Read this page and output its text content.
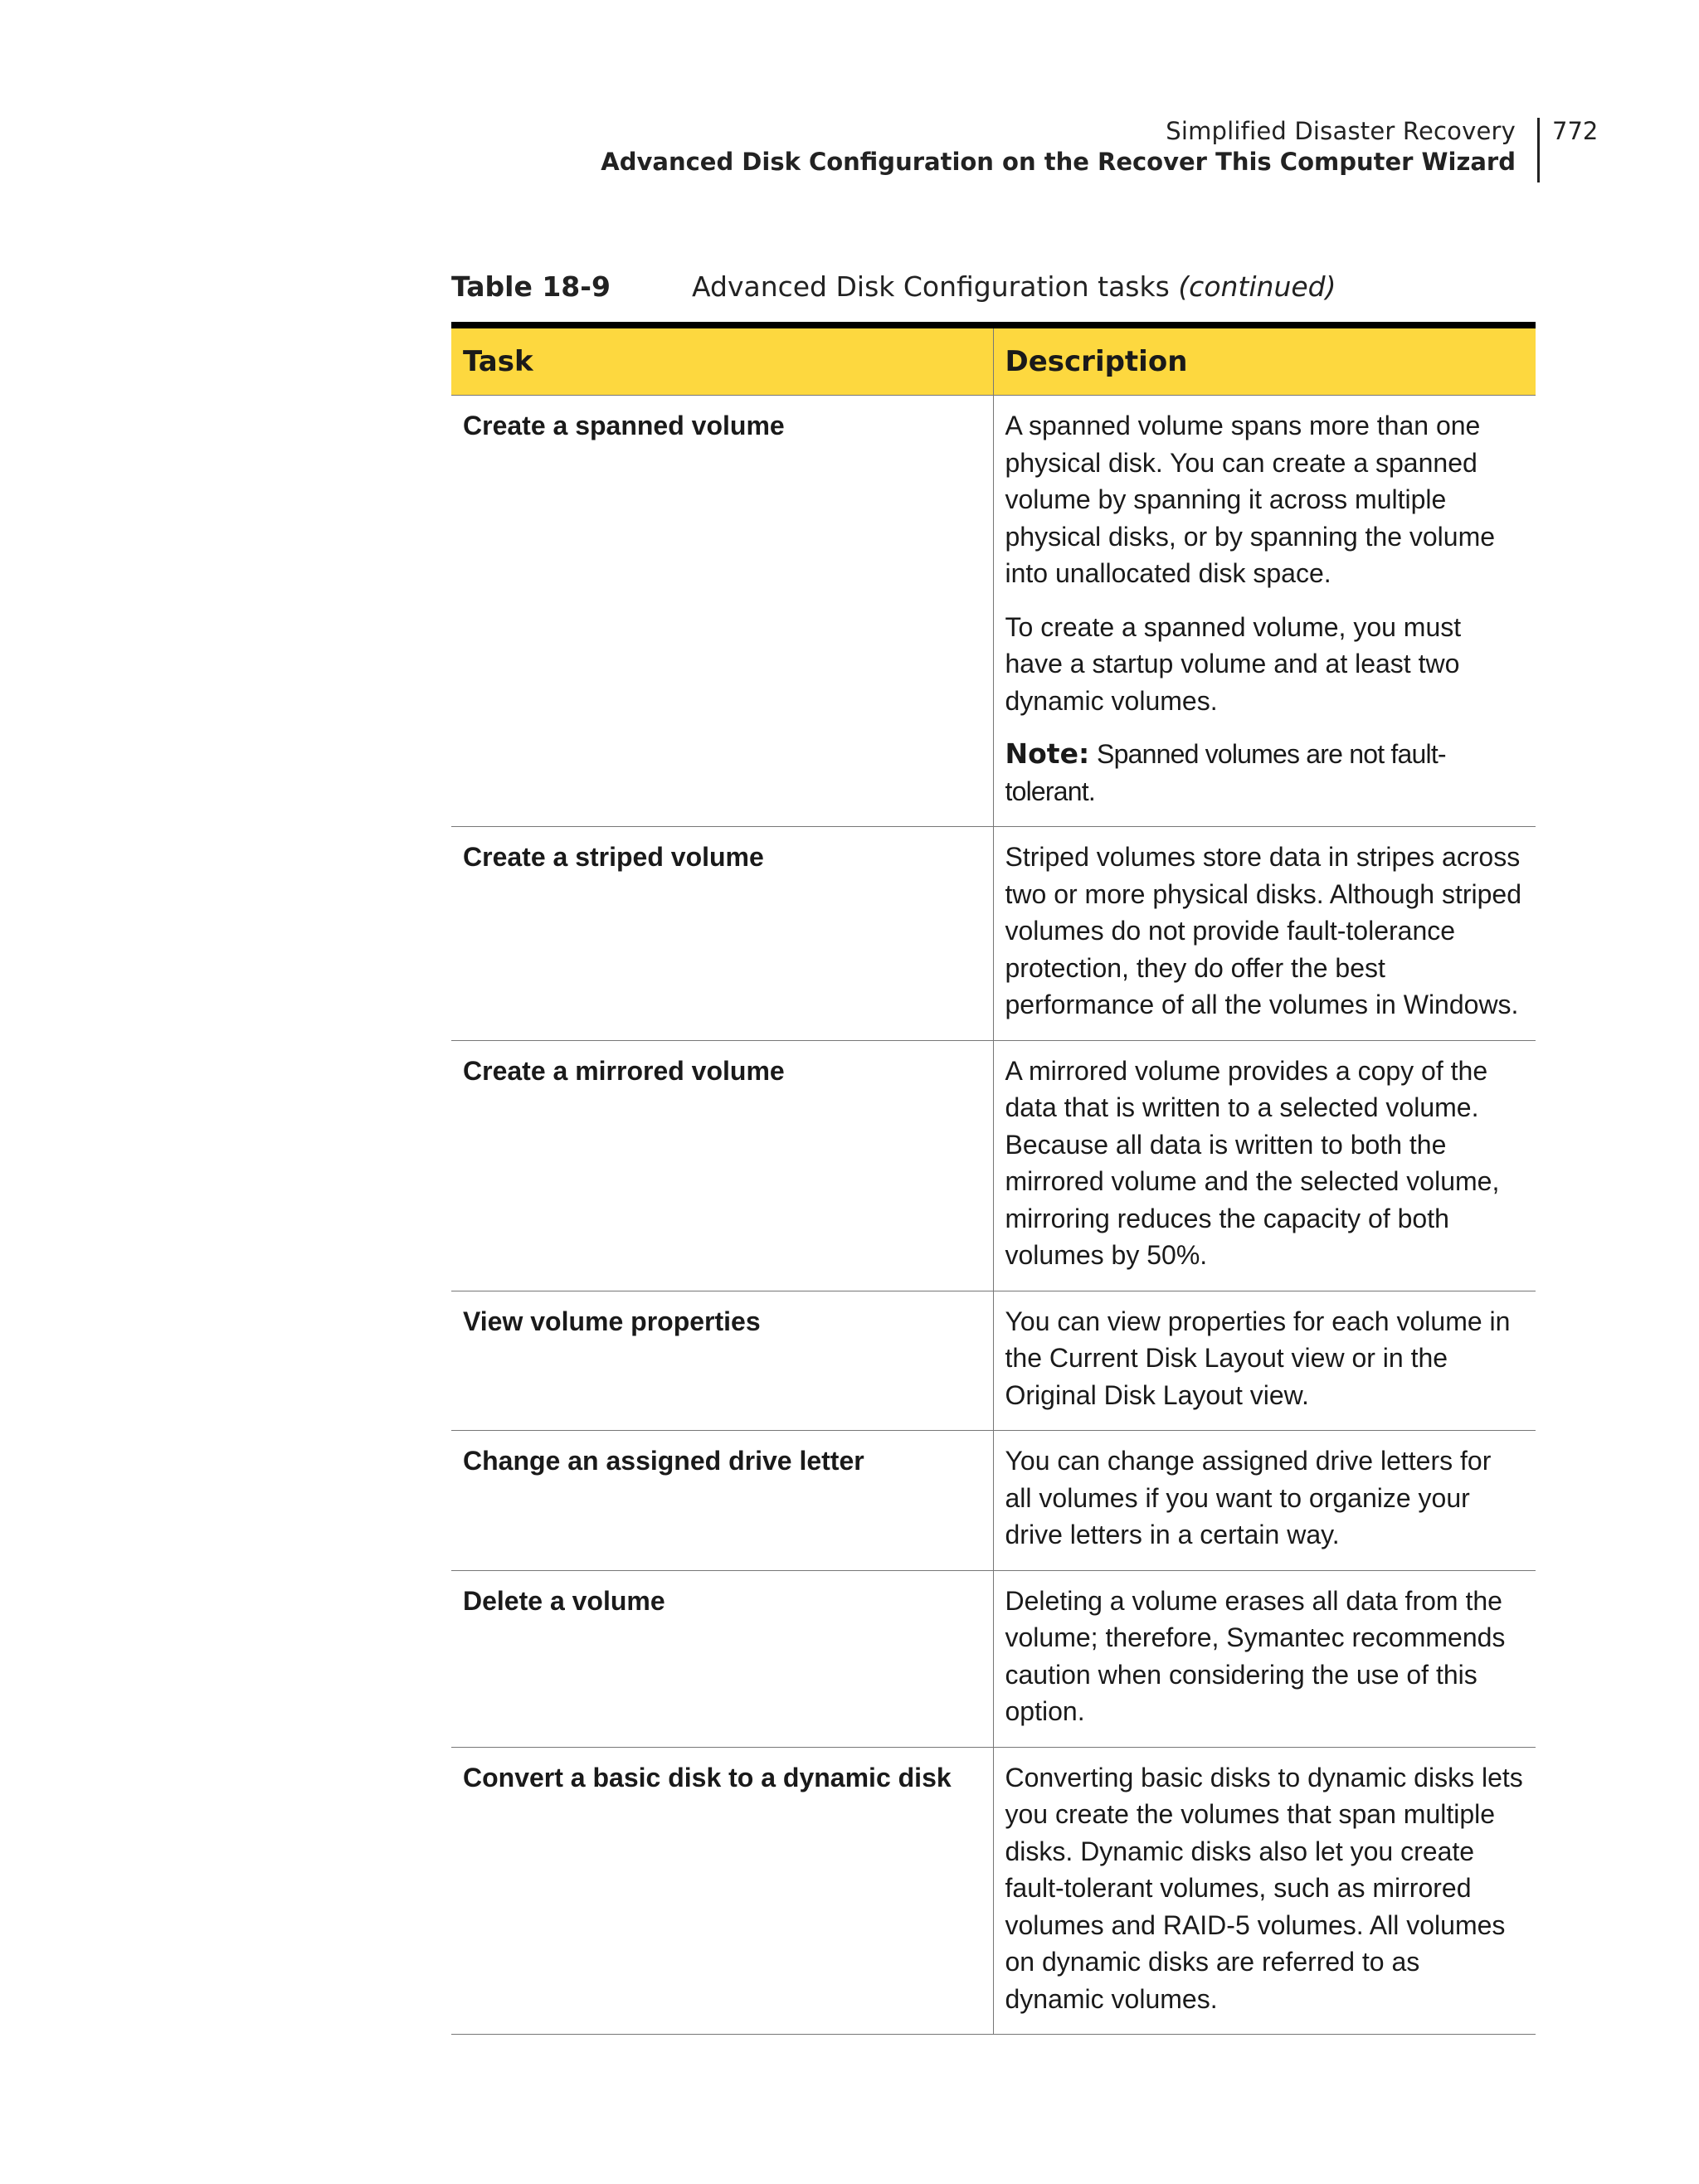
Simplified Disaster Recovery
Advanced Disk Configuration on the Recover This Computer Wizard
772
Table 18-9	Advanced Disk Configuration tasks (continued)
Task	Description
Create a spanned volume	A spanned volume spans more than one physical disk. You can create a spanned volume by spanning it across multiple physical disks, or by spanning the volume into unallocated disk space.

To create a spanned volume, you must have a startup volume and at least two dynamic volumes.

Note: Spanned volumes are not fault-tolerant.

Create a striped volume	Striped volumes store data in stripes across two or more physical disks. Although striped volumes do not provide fault-tolerance protection, they do offer the best performance of all the volumes in Windows.

Create a mirrored volume	A mirrored volume provides a copy of the data that is written to a selected volume. Because all data is written to both the mirrored volume and the selected volume, mirroring reduces the capacity of both volumes by 50%.

View volume properties	You can view properties for each volume in the Current Disk Layout view or in the Original Disk Layout view.

Change an assigned drive letter	You can change assigned drive letters for all volumes if you want to organize your drive letters in a certain way.

Delete a volume	Deleting a volume erases all data from the volume; therefore, Symantec recommends caution when considering the use of this option.

Convert a basic disk to a dynamic disk	Converting basic disks to dynamic disks lets you create the volumes that span multiple disks. Dynamic disks also let you create fault-tolerant volumes, such as mirrored volumes and RAID-5 volumes. All volumes on dynamic disks are referred to as dynamic volumes.
